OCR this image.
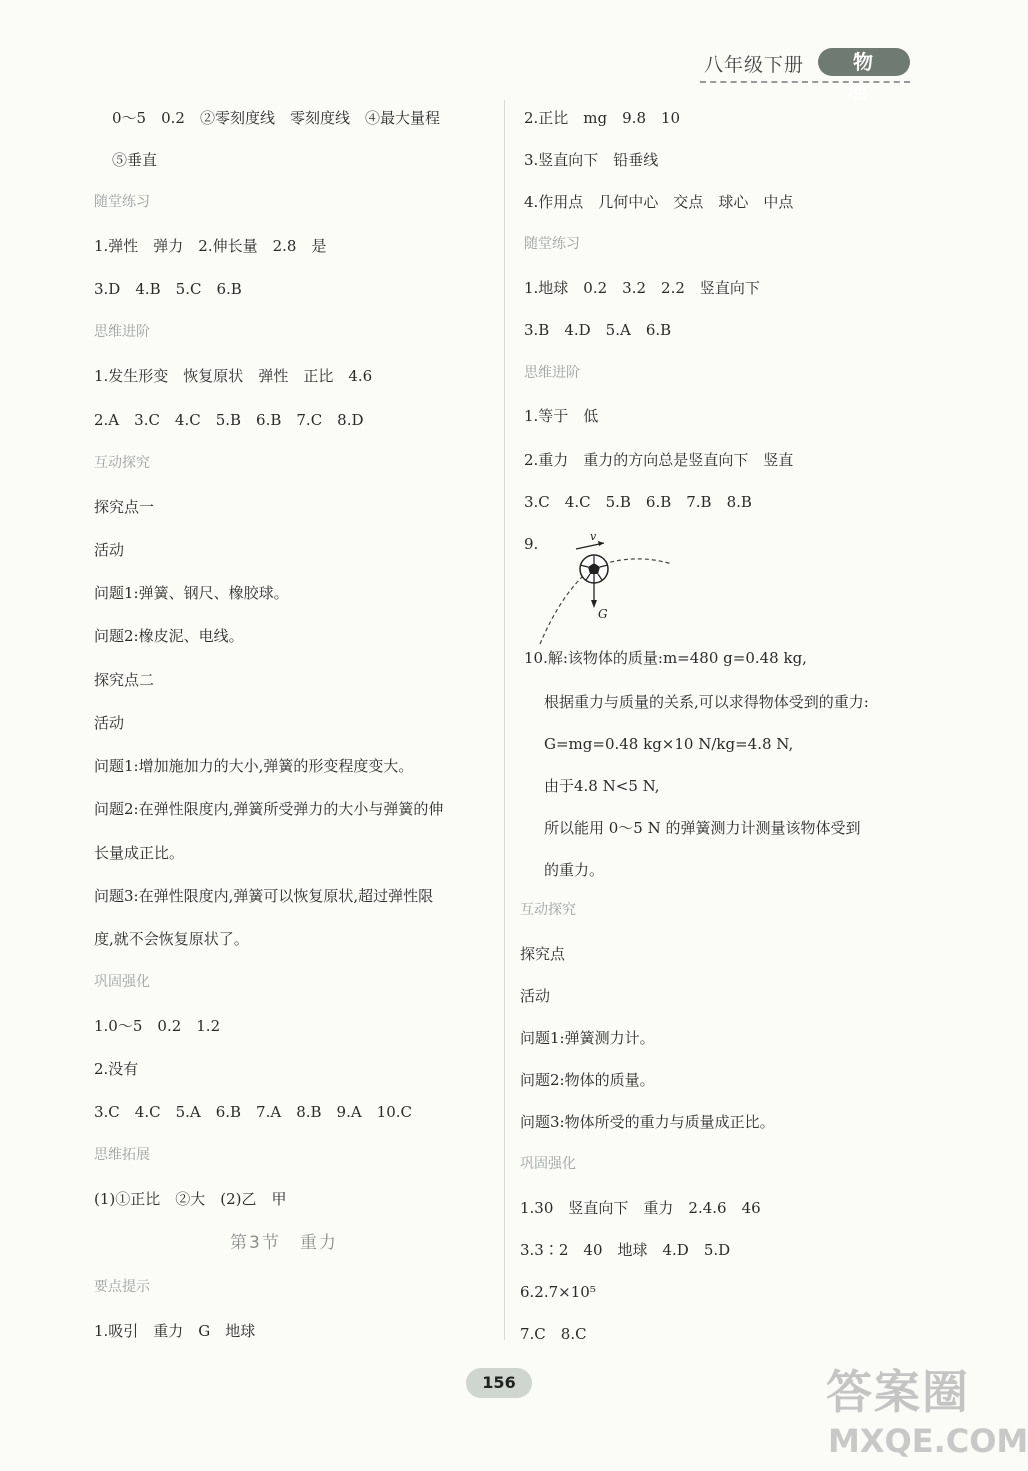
八年级下册	物 理
0～5　0.2　②零刻度线　零刻度线　④最大量程
⑤垂直
随堂练习
1.弹性　弹力　2.伸长量　2.8　是
3.D　4.B　5.C　6.B
思维进阶
1.发生形变　恢复原状　弹性　正比　4.6
2.A　3.C　4.C　5.B　6.B　7.C　8.D
互动探究
探究点一
活动
问题1:弹簧、钢尺、橡胶球。
问题2:橡皮泥、电线。
探究点二
活动
问题1:增加施加力的大小,弹簧的形变程度变大。
问题2:在弹性限度内,弹簧所受弹力的大小与弹簧的伸
长量成正比。
问题3:在弹性限度内,弹簧可以恢复原状,超过弹性限
度,就不会恢复原状了。
巩固强化
1.0～5　0.2　1.2
2.没有
3.C　4.C　5.A　6.B　7.A　8.B　9.A　10.C
思维拓展
(1)①正比　②大　(2)乙　甲
第3节　重力
要点提示
1.吸引　重力　G　地球
2.正比　mg　9.8　10
3.竖直向下　铅垂线
4.作用点　几何中心　交点　球心　中点
随堂练习
1.地球　0.2　3.2　2.2　竖直向下
3.B　4.D　5.A　6.B
思维进阶
1.等于　低
2.重力　重力的方向总是竖直向下　竖直
3.C　4.C　5.B　6.B　7.B　8.B
9.	v
G
10.解:该物体的质量:m=480 g=0.48 kg,
根据重力与质量的关系,可以求得物体受到的重力:
G=mg=0.48 kg×10 N/kg=4.8 N,
由于4.8 N<5 N,
所以能用 0～5 N 的弹簧测力计测量该物体受到
的重力。
互动探究
探究点
活动
问题1:弹簧测力计。
问题2:物体的质量。
问题3:物体所受的重力与质量成正比。
巩固强化
1.30　竖直向下　重力　2.4.6　46
3.3∶2　40　地球　4.D　5.D
6.2.7×10⁵
7.C　8.C
156	答案圈
MXQE.COM
